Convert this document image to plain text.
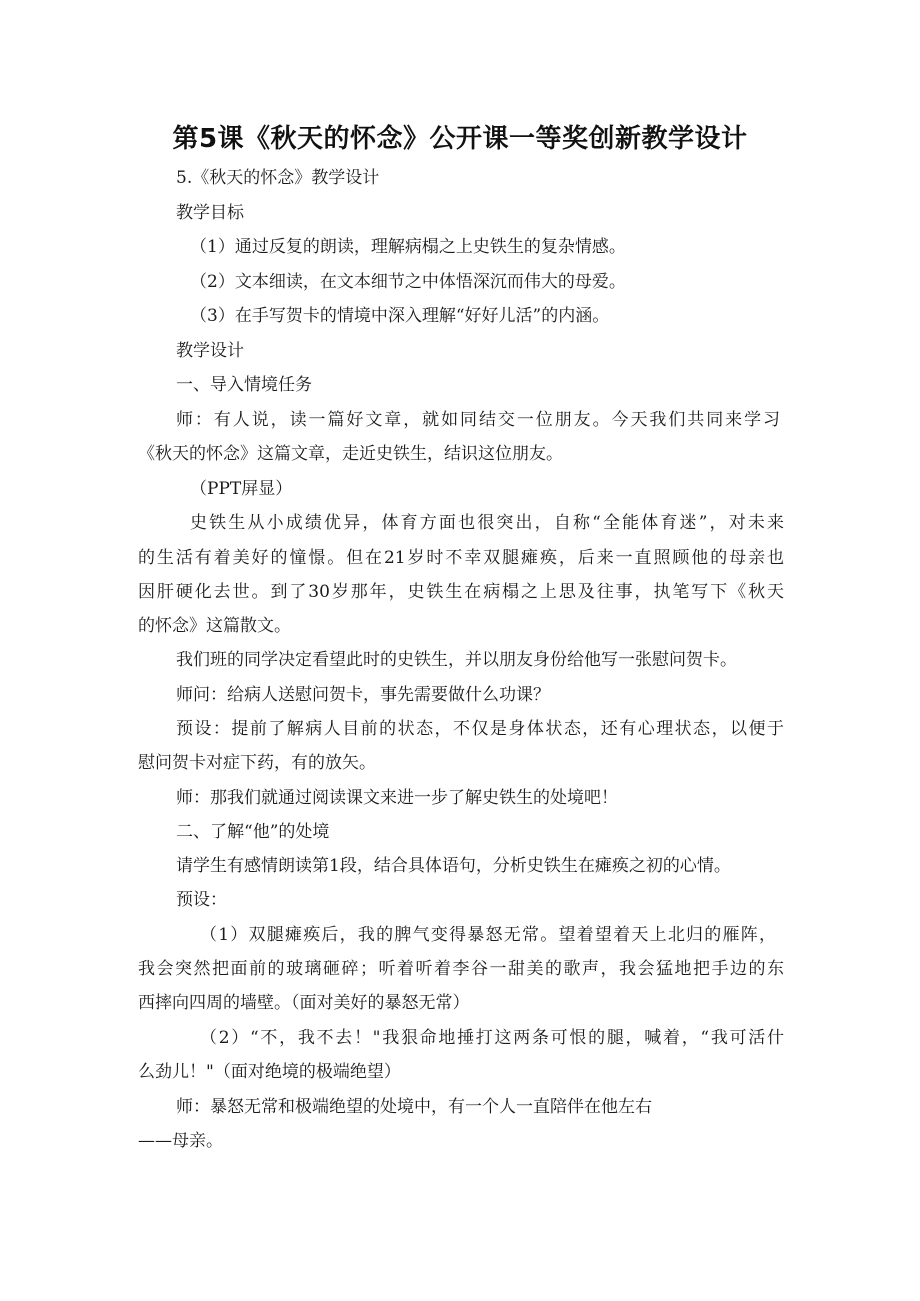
第5课《秋天的怀念》公开课一等奖创新教学设计
5.《秋天的怀念》教学设计
教学目标
（1）通过反复的朗读，理解病榻之上史铁生的复杂情感。
（2）文本细读，在文本细节之中体悟深沉而伟大的母爱。
（3）在手写贺卡的情境中深入理解“好好儿活”的内涵。
教学设计
一、导入情境任务
师：有人说，读一篇好文章，就如同结交一位朋友。今天我们共同来学习
《秋天的怀念》这篇文章，走近史铁生，结识这位朋友。
（PPT屏显）
史铁生从小成绩优异，体育方面也很突出，自称“全能体育迷”，对未来
的生活有着美好的憧憬。但在21岁时不幸双腿瘫痪，后来一直照顾他的母亲也
因肝硬化去世。到了30岁那年，史铁生在病榻之上思及往事，执笔写下《秋天
的怀念》这篇散文。
我们班的同学决定看望此时的史铁生，并以朋友身份给他写一张慰问贺卡。
师问：给病人送慰问贺卡，事先需要做什么功课？
预设：提前了解病人目前的状态，不仅是身体状态，还有心理状态，以便于
慰问贺卡对症下药，有的放矢。
师：那我们就通过阅读课文来进一步了解史铁生的处境吧！
二、了解“他”的处境
请学生有感情朗读第1段，结合具体语句，分析史铁生在瘫痪之初的心情。
预设：
（1）双腿瘫痪后，我的脾气变得暴怒无常。望着望着天上北归的雁阵，
我会突然把面前的玻璃砸碎；听着听着李谷一甜美的歌声，我会猛地把手边的东
西摔向四周的墙壁。（面对美好的暴怒无常）
（2）“不，我不去！"我狠命地捶打这两条可恨的腿，喊着，“我可活什
么劲儿！"（面对绝境的极端绝望）
师：暴怒无常和极端绝望的处境中，有一个人一直陪伴在他左右
——母亲。
